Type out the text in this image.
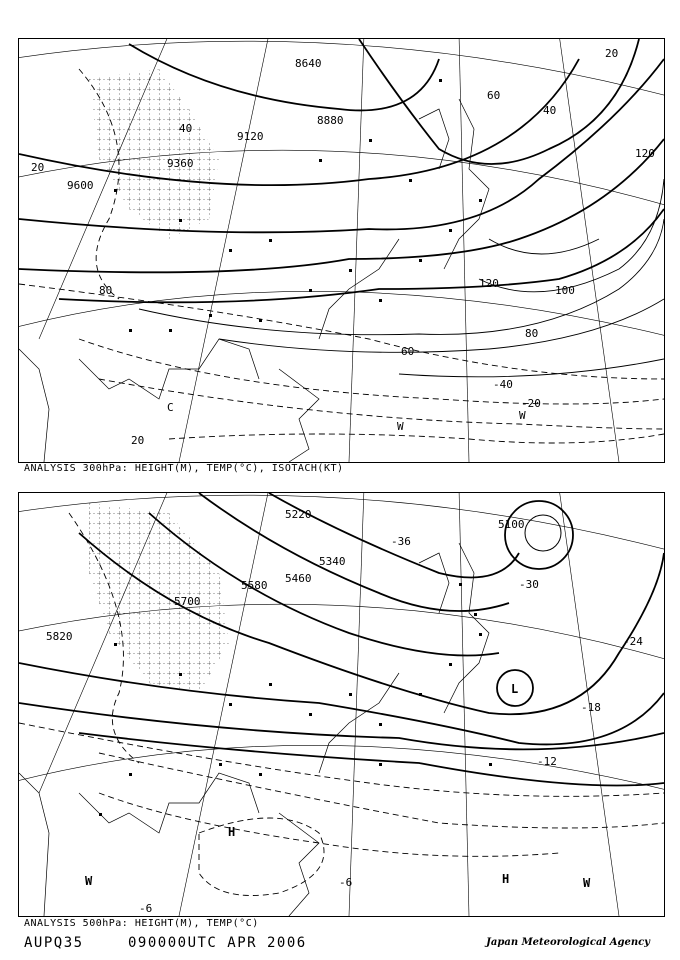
9600
9360
9120
8880
8640
20
40
60
80
100
120
-20
-40
20
80
120
60
40
20
C
W
W
ANALYSIS 300hPa: HEIGHT(M), TEMP(°C), ISOTACH(KT)
5820
5700
5580
5460
5340
5220
5100
-36
-30
-24
-18
-12
-6
-6
L
H
H
W	W
ANALYSIS 500hPa: HEIGHT(M), TEMP(°C)
AUPQ35	090000UTC APR 2006	Japan Meteorological Agency
